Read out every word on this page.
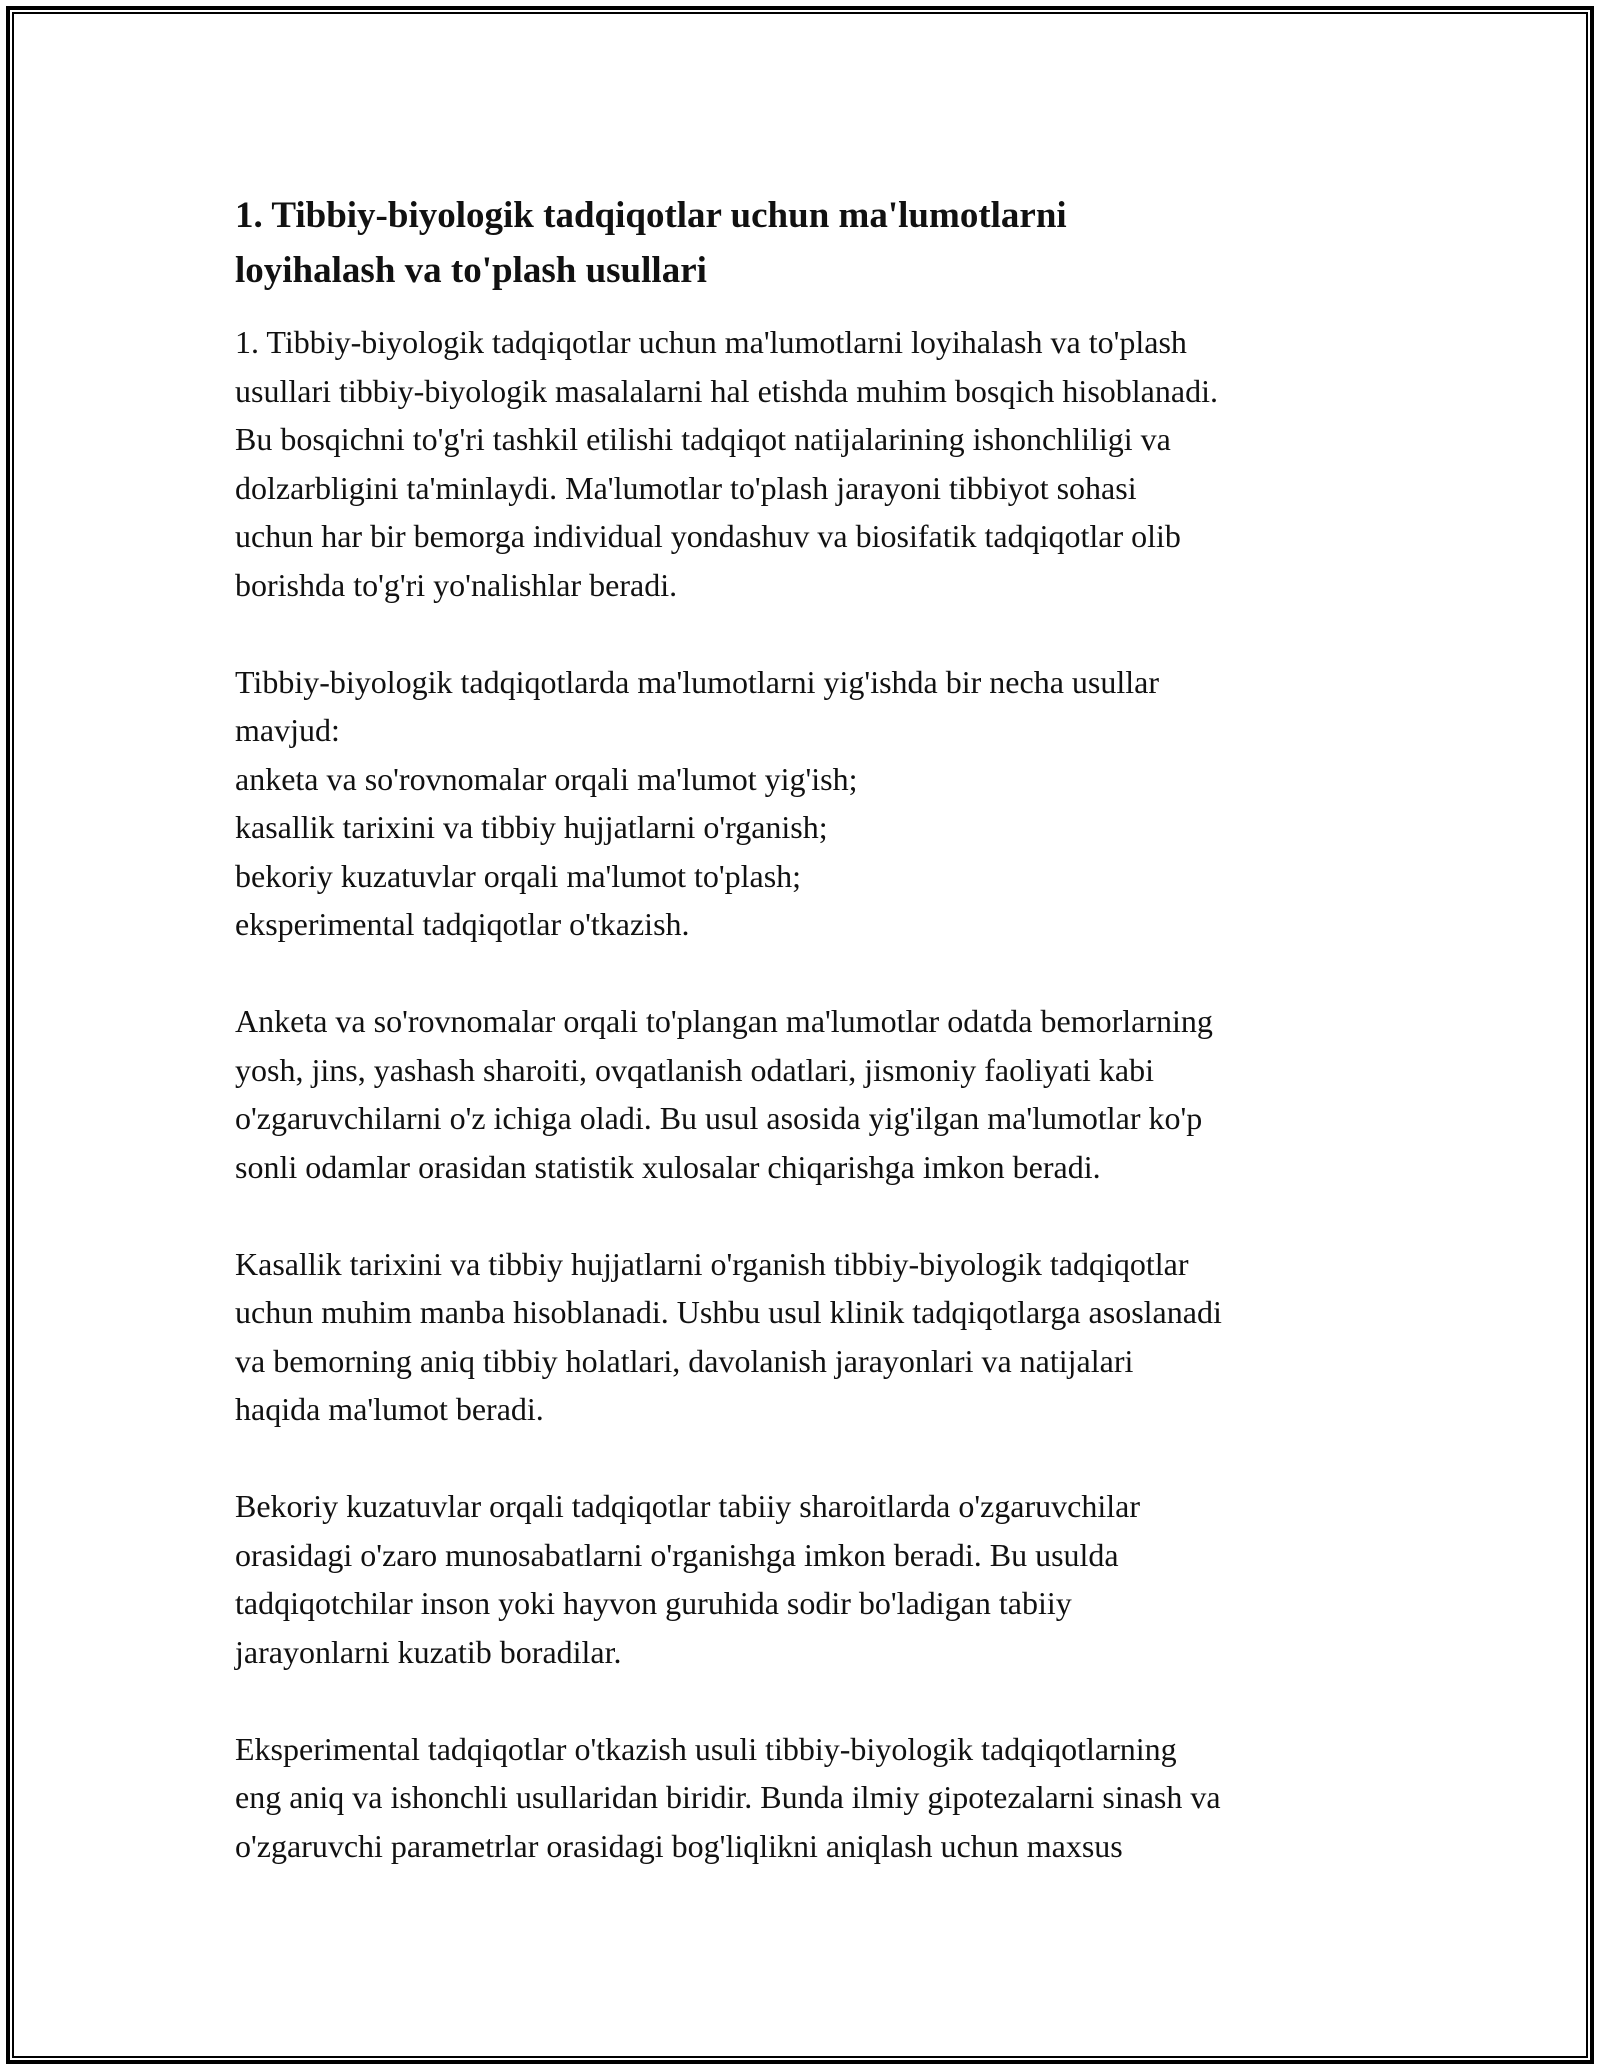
1. Tibbiy-biyologik tadqiqotlar uchun ma'lumotlarni
loyihalash va to'plash usullari

1. Tibbiy-biyologik tadqiqotlar uchun ma'lumotlarni loyihalash va to'plash
usullari tibbiy-biyologik masalalarni hal etishda muhim bosqich hisoblanadi.
Bu bosqichni to'g'ri tashkil etilishi tadqiqot natijalarining ishonchliligi va
dolzarbligini ta'minlaydi. Ma'lumotlar to'plash jarayoni tibbiyot sohasi
uchun har bir bemorga individual yondashuv va biosifatik tadqiqotlar olib
borishda to'g'ri yo'nalishlar beradi.

Tibbiy-biyologik tadqiqotlarda ma'lumotlarni yig'ishda bir necha usullar
mavjud:
anketa va so'rovnomalar orqali ma'lumot yig'ish;
kasallik tarixini va tibbiy hujjatlarni o'rganish;
bekoriy kuzatuvlar orqali ma'lumot to'plash;
eksperimental tadqiqotlar o'tkazish.

Anketa va so'rovnomalar orqali to'plangan ma'lumotlar odatda bemorlarning
yosh, jins, yashash sharoiti, ovqatlanish odatlari, jismoniy faoliyati kabi
o'zgaruvchilarni o'z ichiga oladi. Bu usul asosida yig'ilgan ma'lumotlar ko'p
sonli odamlar orasidan statistik xulosalar chiqarishga imkon beradi.

Kasallik tarixini va tibbiy hujjatlarni o'rganish tibbiy-biyologik tadqiqotlar
uchun muhim manba hisoblanadi. Ushbu usul klinik tadqiqotlarga asoslanadi
va bemorning aniq tibbiy holatlari, davolanish jarayonlari va natijalari
haqida ma'lumot beradi.

Bekoriy kuzatuvlar orqali tadqiqotlar tabiiy sharoitlarda o'zgaruvchilar
orasidagi o'zaro munosabatlarni o'rganishga imkon beradi. Bu usulda
tadqiqotchilar inson yoki hayvon guruhida sodir bo'ladigan tabiiy
jarayonlarni kuzatib boradilar.

Eksperimental tadqiqotlar o'tkazish usuli tibbiy-biyologik tadqiqotlarning
eng aniq va ishonchli usullaridan biridir. Bunda ilmiy gipotezalarni sinash va
o'zgaruvchi parametrlar orasidagi bog'liqlikni aniqlash uchun maxsus
